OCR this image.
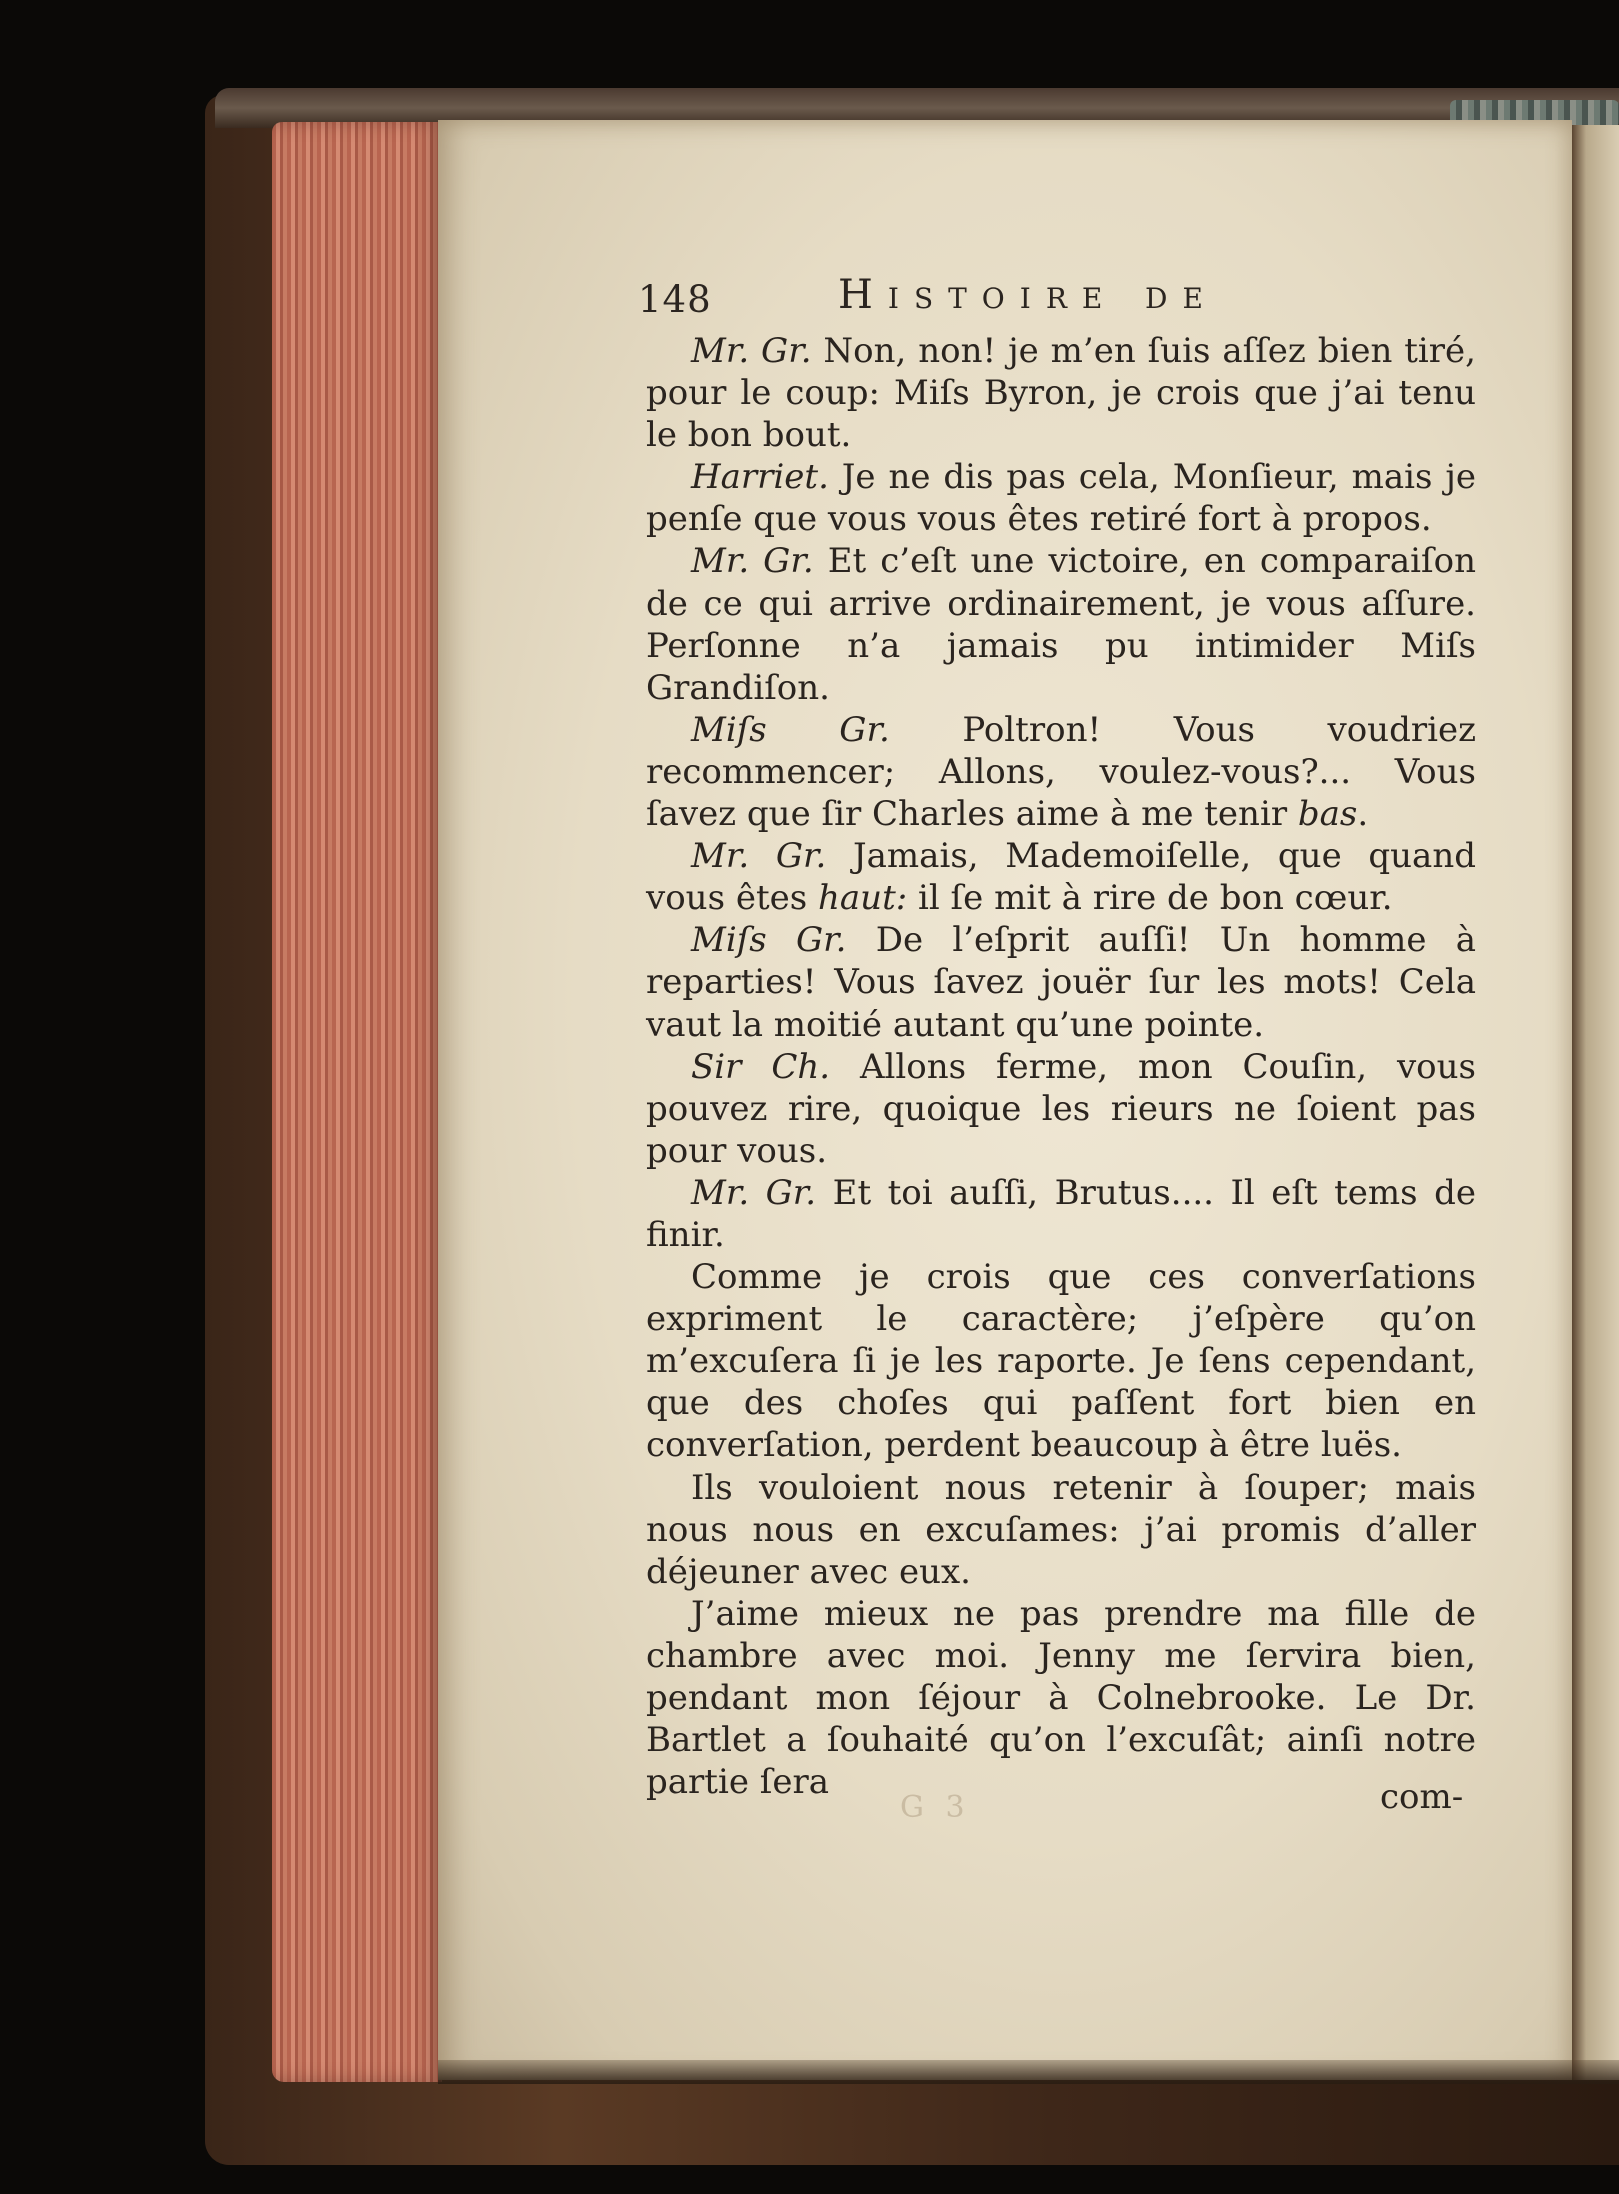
148	Histoire de

Mr. Gr. Non, non! je m’en ſuis aſſez bien tiré, pour le coup: Miſs Byron, je crois que j’ai tenu le bon bout.

Harriet. Je ne dis pas cela, Monſieur, mais je penſe que vous vous êtes retiré fort à propos.

Mr. Gr. Et c’eſt une victoire, en comparaiſon de ce qui arrive ordinairement, je vous aſſure. Perſonne n’a jamais pu intimider Miſs Grandiſon.

Miſs Gr. Poltron! Vous voudriez recommencer; Allons, voulez-vous?... Vous ſavez que ſir Charles aime à me tenir bas.

Mr. Gr. Jamais, Mademoiſelle, que quand vous êtes haut: il ſe mit à rire de bon cœur.

Miſs Gr. De l’eſprit auſſi! Un homme à reparties! Vous ſavez jouër ſur les mots! Cela vaut la moitié autant qu’une pointe.

Sir Ch. Allons ferme, mon Couſin, vous pouvez rire, quoique les rieurs ne ſoient pas pour vous.

Mr. Gr. Et toi auſſi, Brutus.... Il eſt tems de finir.

Comme je crois que ces converſations expriment le caractère; j’eſpère qu’on m’excuſera ſi je les raporte. Je ſens cependant, que des choſes qui paſſent fort bien en converſation, perdent beaucoup à être luës.

Ils vouloient nous retenir à ſouper; mais nous nous en excuſames: j’ai promis d’aller déjeuner avec eux.

J’aime mieux ne pas prendre ma fille de chambre avec moi. Jenny me ſervira bien, pendant mon ſéjour à Colnebrooke. Le Dr. Bartlet a ſouhaité qu’on l’excuſât; ainſi notre partie ſera

G 3	com-
